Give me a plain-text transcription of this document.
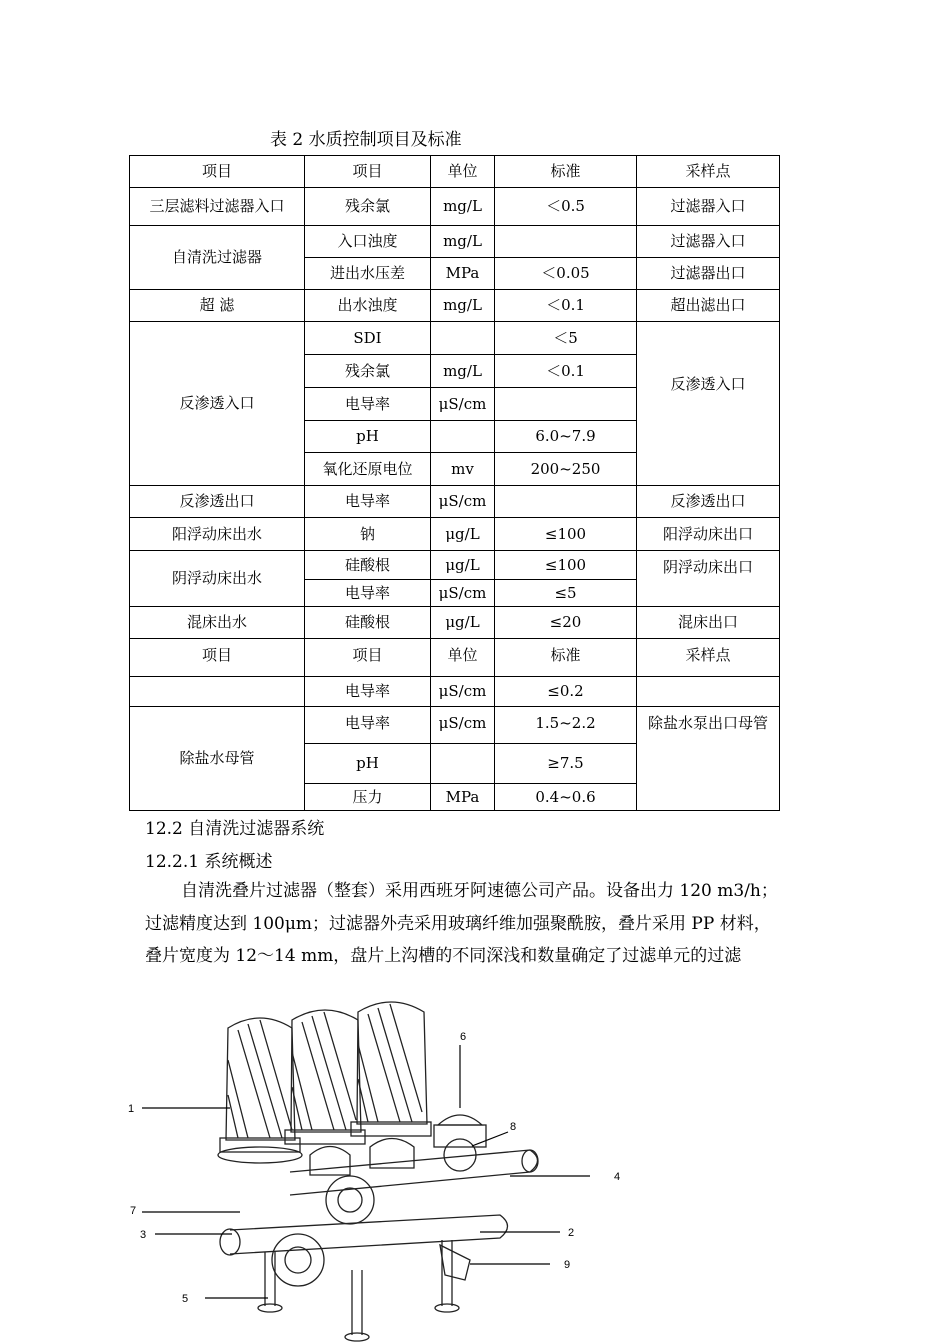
表 2 水质控制项目及标准
项目	项目	单位	标准	采样点
三层滤料过滤器入口	残余氯	mg/L	＜0.5	过滤器入口
自清洗过滤器	入口浊度	mg/L		过滤器入口
	进出水压差	MPa	＜0.05	过滤器出口
超 滤	出水浊度	mg/L	＜0.1	超出滤出口
反渗透入口	SDI		＜5	反渗透入口
	残余氯	mg/L	＜0.1	
	电导率	μS/cm		
	pH		6.0~7.9	
	氧化还原电位	mv	200~250	
反渗透出口	电导率	μS/cm		反渗透出口
阳浮动床出水	钠	μg/L	≤100	阳浮动床出口
阴浮动床出水	硅酸根	μg/L	≤100	阴浮动床出口
	电导率	μS/cm	≤5	
混床出水	硅酸根	μg/L	≤20	混床出口
项目	项目	单位	标准	采样点
	电导率	μS/cm	≤0.2	
除盐水母管	电导率	μS/cm	1.5~2.2	除盐水泵出口母管
	pH		≥7.5	
	压力	MPa	0.4~0.6	
12.2 自清洗过滤器系统
12.2.1 系统概述
自清洗叠片过滤器（整套）采用西班牙阿速德公司产品。设备出力 120 m3/h；
过滤精度达到 100μm；过滤器外壳采用玻璃纤维加强聚酰胺，叠片采用 PP 材料，
叠片宽度为 12～14 mm，盘片上沟槽的不同深浅和数量确定了过滤单元的过滤
1
2
3
4
5
6
7
8
9
